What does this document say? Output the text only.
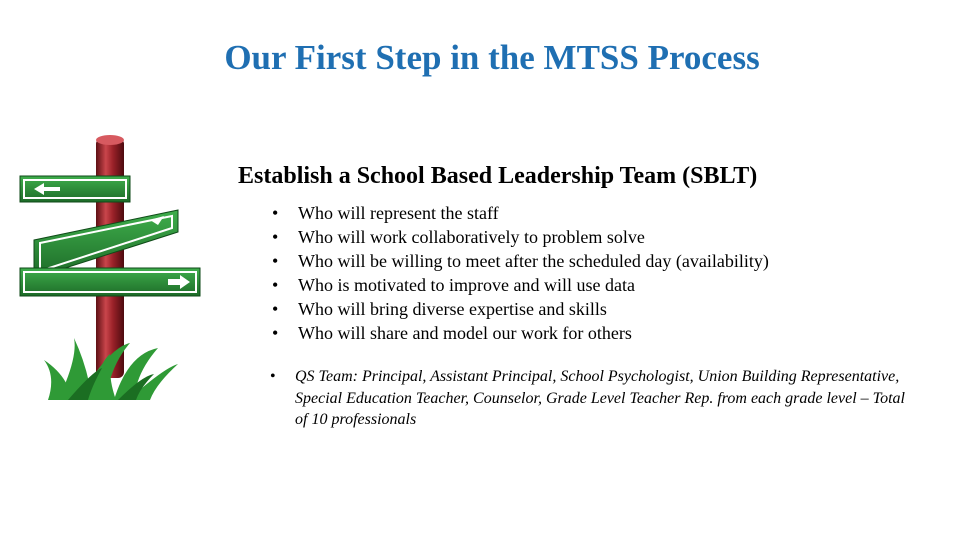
Our First Step in the MTSS Process
Establish a School Based Leadership Team (SBLT)
• Who will represent the staff
• Who will work collaboratively to problem solve
• Who will be willing to meet after the scheduled day (availability)
• Who is motivated to improve and will use data
• Who will bring diverse expertise and skills
• Who will share and model our work for others
•	QS Team: Principal, Assistant Principal, School Psychologist, Union Building Representative, Special Education Teacher, Counselor, Grade Level Teacher Rep. from each grade level – Total of 10 professionals
